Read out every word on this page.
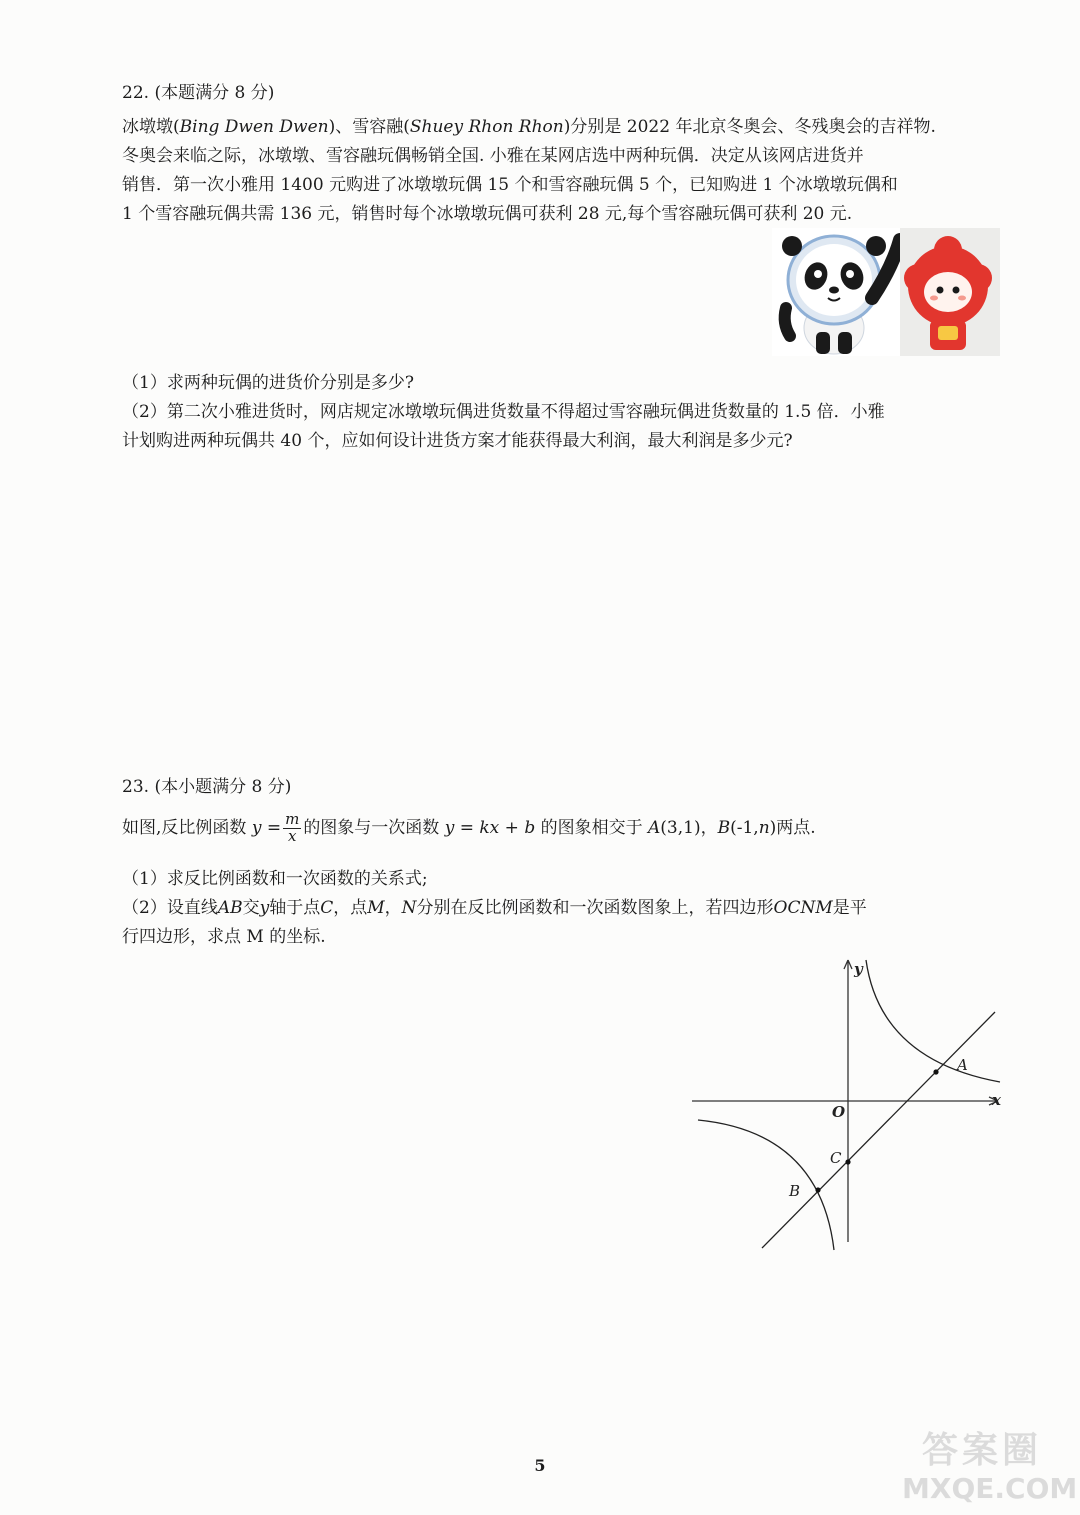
22. (本题满分 8 分)
冰墩墩(Bing Dwen Dwen)、雪容融(Shuey Rhon Rhon)分别是 2022 年北京冬奥会、冬残奥会的吉祥物.
冬奥会来临之际，冰墩墩、雪容融玩偶畅销全国. 小雅在某网店选中两种玩偶．决定从该网店进货并
销售．第一次小雅用 1400 元购进了冰墩墩玩偶 15 个和雪容融玩偶 5 个，已知购进 1 个冰墩墩玩偶和
1 个雪容融玩偶共需 136 元，销售时每个冰墩墩玩偶可获利 28 元,每个雪容融玩偶可获利 20 元.
（1）求两种玩偶的进货价分别是多少?
（2）第二次小雅进货时，网店规定冰墩墩玩偶进货数量不得超过雪容融玩偶进货数量的 1.5 倍．小雅
计划购进两种玩偶共 40 个，应如何设计进货方案才能获得最大利润，最大利润是多少元?
23. (本小题满分 8 分)
如图,反比例函数 $y = \frac{m}{x}$ 的图象与一次函数 y = kx + b 的图象相交于 A(3,1)，B(-1,n)两点.
（1）求反比例函数和一次函数的关系式;
（2）设直线AB交y轴于点C，点M，N分别在反比例函数和一次函数图象上，若四边形OCNM是平
行四边形，求点 M 的坐标.
y
x
O
A
B
C
5	答案圈
MXQE.COM
